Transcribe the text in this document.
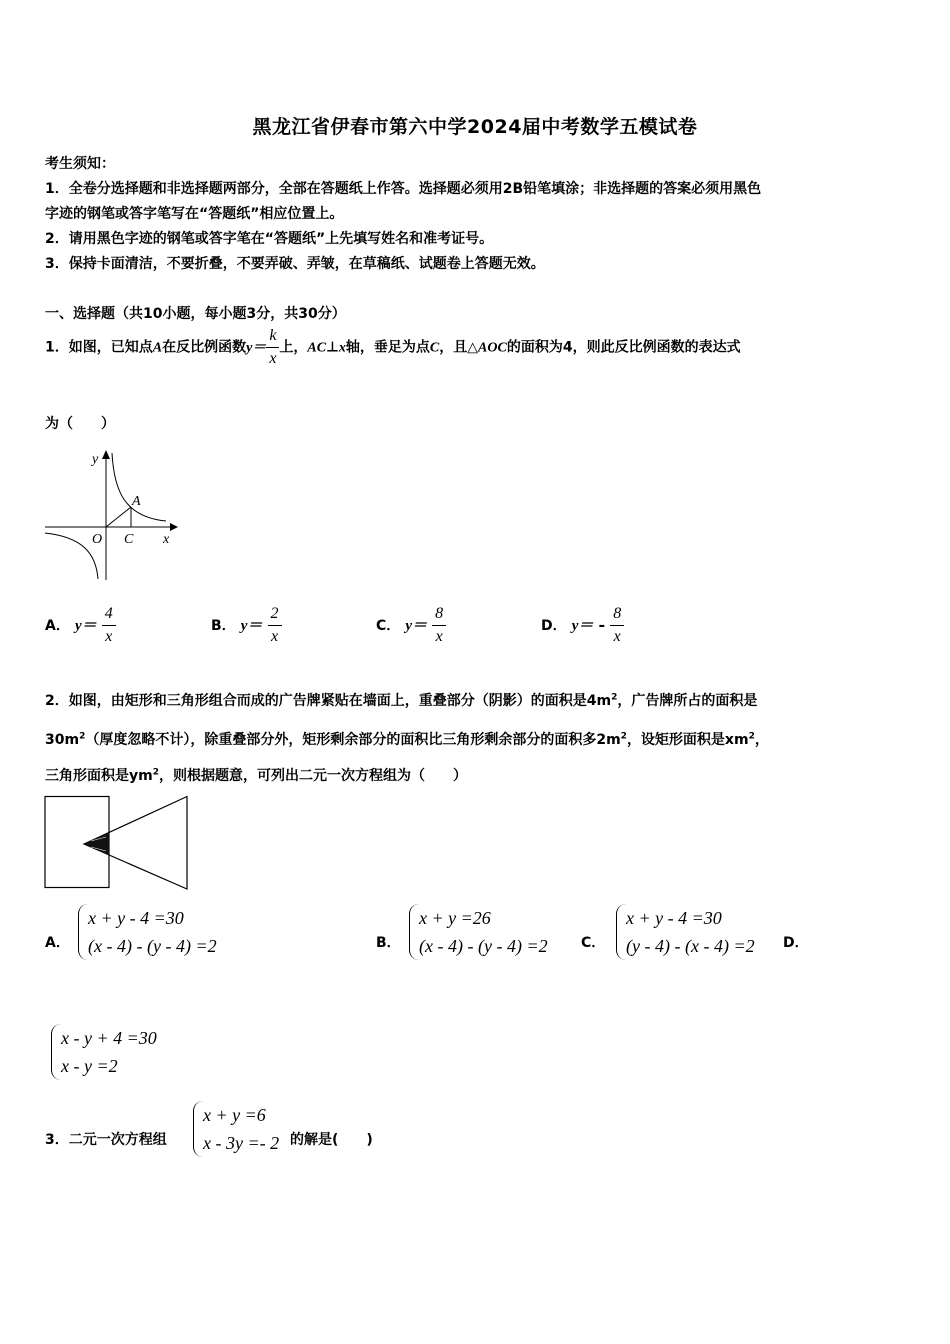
黑龙江省伊春市第六中学2024届中考数学五模试卷
考生须知：
1．全卷分选择题和非选择题两部分，全部在答题纸上作答。选择题必须用2B铅笔填涂；非选择题的答案必须用黑色
字迹的钢笔或答字笔写在“答题纸”相应位置上。
2．请用黑色字迹的钢笔或答字笔在“答题纸”上先填写姓名和准考证号。
3．保持卡面清洁，不要折叠，不要弄破、弄皱，在草稿纸、试题卷上答题无效。
一、选择题（共10小题，每小题3分，共30分）
1．如图，已知点A在反比例函数$y= \frac{k}{x}$ 上，AC⊥x轴，垂足为点C，且△AOC的面积为4，则此反比例函数的表达式
为（　　）
y
x
O C
A
A． $y= \frac{4}{x}$	B． $y= \frac{2}{x}$	C． $y= \frac{8}{x}$	D． $y= - \frac{8}{x}$
2．如图，由矩形和三角形组合而成的广告牌紧贴在墙面上，重叠部分（阴影）的面积是$4m^2$，广告牌所占的面积是
$30m^2$（厚度忽略不计），除重叠部分外，矩形剩余部分的面积比三角形剩余部分的面积多$2m^2$，设矩形面积是$xm^2$，
三角形面积是$ym^2$，则根据题意，可列出二元一次方程组为（　　）
A．
x + y - 4 =30
(x - 4) - (y - 4) =2	B．
x + y =26
(x - 4) - (y - 4) =2 C．
x + y - 4 =30
(y - 4) - (x - 4) =2 D．
x - y + 4 =30
x - y =2
3．二元一次方程组
x + y =6
x - 3y =- 2 的解是(　　)
